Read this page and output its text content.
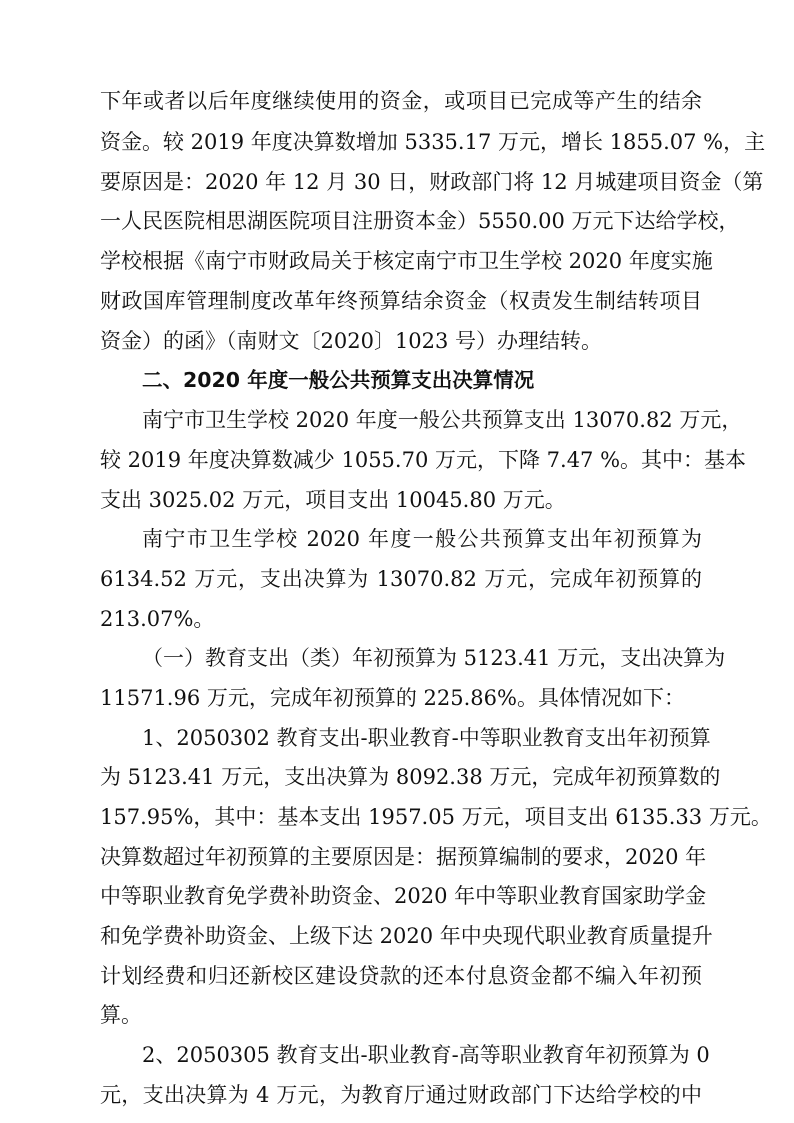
下年或者以后年度继续使用的资金，或项目已完成等产生的结余
资金。较 2019 年度决算数增加 5335.17 万元，增长 1855.07 %，主
要原因是：2020 年 12 月 30 日，财政部门将 12 月城建项目资金（第
一人民医院相思湖医院项目注册资本金）5550.00 万元下达给学校，
学校根据《南宁市财政局关于核定南宁市卫生学校 2020 年度实施
财政国库管理制度改革年终预算结余资金（权责发生制结转项目
资金）的函》（南财文〔2020〕1023 号）办理结转。
二、2020 年度一般公共预算支出决算情况
南宁市卫生学校 2020 年度一般公共预算支出 13070.82 万元，
较 2019 年度决算数减少 1055.70 万元，下降 7.47 %。其中：基本
支出 3025.02 万元，项目支出 10045.80 万元。
南宁市卫生学校 2020 年度一般公共预算支出年初预算为
6134.52 万元，支出决算为 13070.82 万元，完成年初预算的
213.07%。
（一）教育支出（类）年初预算为 5123.41 万元，支出决算为
11571.96 万元，完成年初预算的 225.86%。具体情况如下：
1、2050302 教育支出-职业教育-中等职业教育支出年初预算
为 5123.41 万元，支出决算为 8092.38 万元，完成年初预算数的
157.95%，其中：基本支出 1957.05 万元，项目支出 6135.33 万元。
决算数超过年初预算的主要原因是：据预算编制的要求，2020 年
中等职业教育免学费补助资金、2020 年中等职业教育国家助学金
和免学费补助资金、上级下达 2020 年中央现代职业教育质量提升
计划经费和归还新校区建设贷款的还本付息资金都不编入年初预
算。
2、2050305 教育支出-职业教育-高等职业教育年初预算为 0
元，支出决算为 4 万元，为教育厅通过财政部门下达给学校的中
